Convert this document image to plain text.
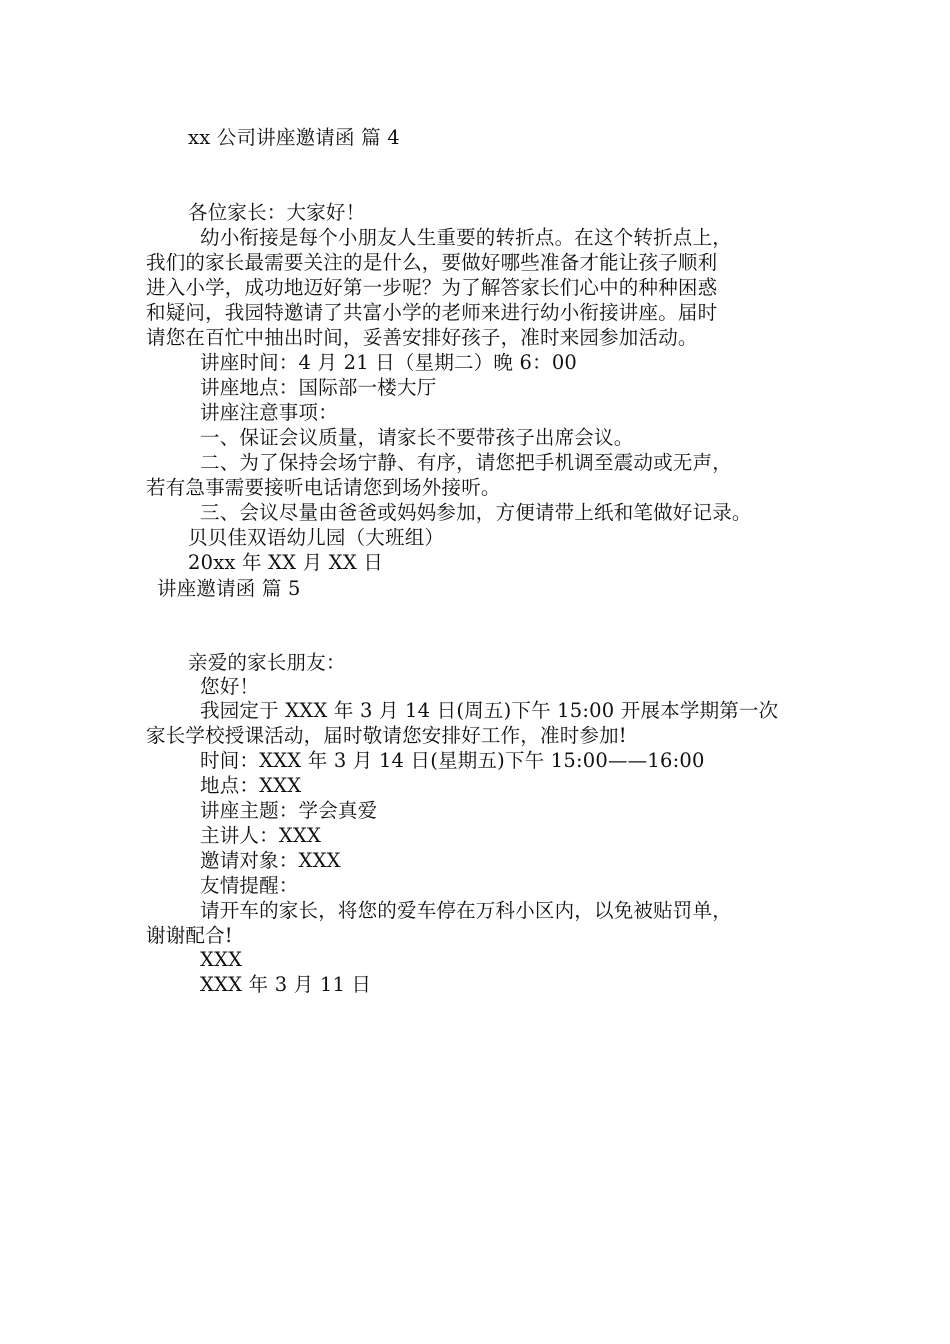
xx 公司讲座邀请函 篇 4
各位家长：大家好！
幼小衔接是每个小朋友人生重要的转折点。在这个转折点上，
我们的家长最需要关注的是什么，要做好哪些准备才能让孩子顺利
进入小学，成功地迈好第一步呢？为了解答家长们心中的种种困惑
和疑问，我园特邀请了共富小学的老师来进行幼小衔接讲座。届时
请您在百忙中抽出时间，妥善安排好孩子，准时来园参加活动。
讲座时间：4 月 21 日（星期二）晚 6：00
讲座地点：国际部一楼大厅
讲座注意事项：
一、保证会议质量，请家长不要带孩子出席会议。
二、为了保持会场宁静、有序，请您把手机调至震动或无声，
若有急事需要接听电话请您到场外接听。
三、会议尽量由爸爸或妈妈参加，方便请带上纸和笔做好记录。
贝贝佳双语幼儿园（大班组）
20xx 年 XX 月 XX 日
讲座邀请函 篇 5
亲爱的家长朋友：
您好！
我园定于 XXX 年 3 月 14 日(周五)下午 15:00 开展本学期第一次
家长学校授课活动，届时敬请您安排好工作，准时参加!
时间：XXX 年 3 月 14 日(星期五)下午 15:00——16:00
地点：XXX
讲座主题：学会真爱
主讲人：XXX
邀请对象：XXX
友情提醒：
请开车的家长，将您的爱车停在万科小区内，以免被贴罚单，
谢谢配合!
XXX
XXX 年 3 月 11 日
